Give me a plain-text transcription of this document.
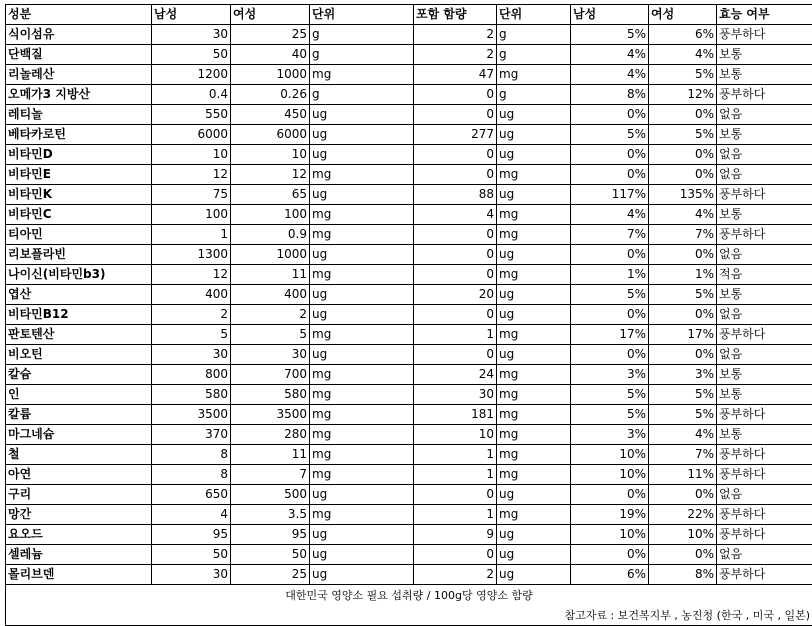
성분	남성	여성	단위	포함 함량	단위	남성	여성	효능 여부
식이섬유	30	25	g	2	g	5%	6%	풍부하다
단백질	50	40	g	2	g	4%	4%	보통
리놀레산	1200	1000	mg	47	mg	4%	5%	보통
오메가3 지방산	0.4	0.26	g	0	g	8%	12%	풍부하다
레티놀	550	450	ug	0	ug	0%	0%	없음
베타카로틴	6000	6000	ug	277	ug	5%	5%	보통
비타민D	10	10	ug	0	ug	0%	0%	없음
비타민E	12	12	mg	0	mg	0%	0%	없음
비타민K	75	65	ug	88	ug	117%	135%	풍부하다
비타민C	100	100	mg	4	mg	4%	4%	보통
티아민	1	0.9	mg	0	mg	7%	7%	풍부하다
리보플라빈	1300	1000	ug	0	ug	0%	0%	없음
나이신(비타민b3)	12	11	mg	0	mg	1%	1%	적음
엽산	400	400	ug	20	ug	5%	5%	보통
비타민B12	2	2	ug	0	ug	0%	0%	없음
판토텐산	5	5	mg	1	mg	17%	17%	풍부하다
비오틴	30	30	ug	0	ug	0%	0%	없음
칼슘	800	700	mg	24	mg	3%	3%	보통
인	580	580	mg	30	mg	5%	5%	보통
칼륨	3500	3500	mg	181	mg	5%	5%	풍부하다
마그네슘	370	280	mg	10	mg	3%	4%	보통
철	8	11	mg	1	mg	10%	7%	풍부하다
아연	8	7	mg	1	mg	10%	11%	풍부하다
구리	650	500	ug	0	ug	0%	0%	없음
망간	4	3.5	mg	1	mg	19%	22%	풍부하다
요오드	95	95	ug	9	ug	10%	10%	풍부하다
셀레늄	50	50	ug	0	ug	0%	0%	없음
몰리브덴	30	25	ug	2	ug	6%	8%	풍부하다
대한민국 영양소 필요 섭취량 / 100g당 영양소 함량								
참고자료 : 보건복지부 , 농진청 (한국 , 미국 , 일본)								
